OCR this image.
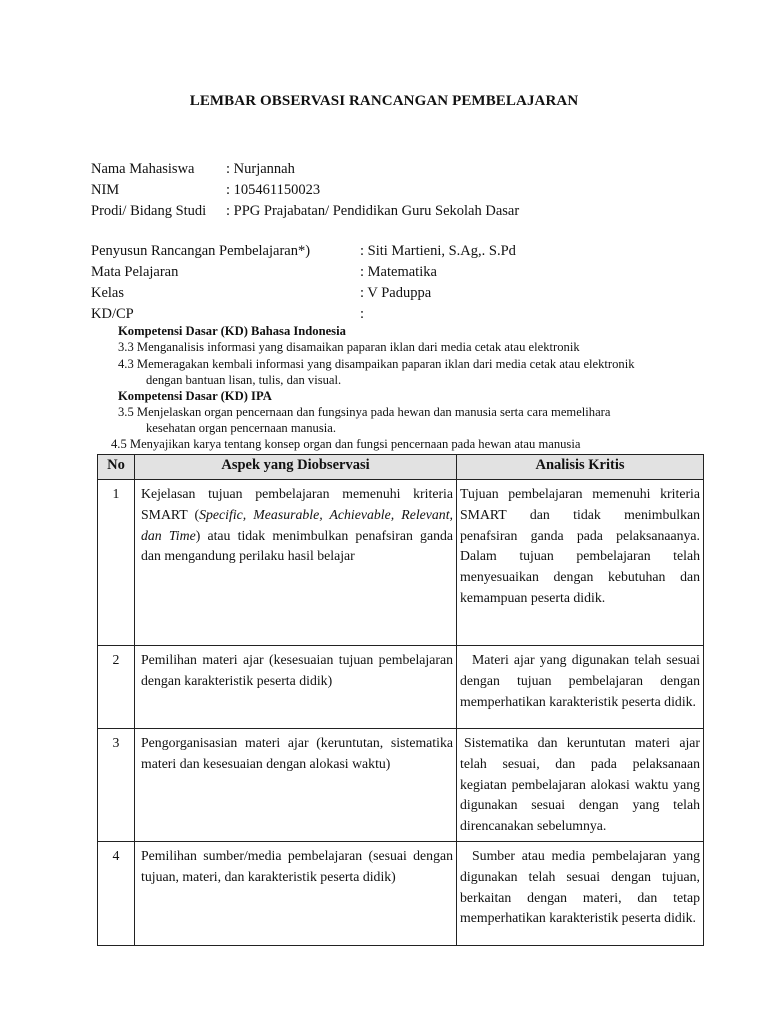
LEMBAR OBSERVASI RANCANGAN PEMBELAJARAN
Nama Mahasiswa : Nurjannah
NIM	: 105461150023
Prodi/ Bidang Studi : PPG Prajabatan/ Pendidikan Guru Sekolah Dasar
Penyusun Rancangan Pembelajaran*)	: Siti Martieni, S.Ag,. S.Pd
Mata Pelajaran	: Matematika
Kelas	: V Paduppa
KD/CP	:
Kompetensi Dasar (KD) Bahasa Indonesia
3.3 Menganalisis informasi yang disamaikan paparan iklan dari media cetak atau elektronik
4.3 Memeragakan kembali informasi yang disampaikan paparan iklan dari media cetak atau elektronik
dengan bantuan lisan, tulis, dan visual.
Kompetensi Dasar (KD) IPA
3.5 Menjelaskan organ pencernaan dan fungsinya pada hewan dan manusia serta cara memelihara
kesehatan organ pencernaan manusia.
4.5 Menyajikan karya tentang konsep organ dan fungsi pencernaan pada hewan atau manusia
No	Aspek yang Diobservasi	Analisis Kritis
1	Kejelasan tujuan pembelajaran memenuhi kriteria SMART (Specific, Measurable, Achievable, Relevant, dan Time) atau tidak menimbulkan penafsiran ganda dan mengandung perilaku hasil belajar	Tujuan pembelajaran memenuhi kriteria SMART dan tidak menimbulkan penafsiran ganda pada pelaksanaanya. Dalam tujuan pembelajaran telah menyesuaikan dengan kebutuhan dan kemampuan peserta didik.
2	Pemilihan materi ajar (kesesuaian tujuan pembelajaran dengan karakteristik peserta didik)	Materi ajar yang digunakan telah sesuai dengan tujuan pembelajaran dengan memperhatikan karakteristik peserta didik.
3	Pengorganisasian materi ajar (keruntutan, sistematika materi dan kesesuaian dengan alokasi waktu)	Sistematika dan keruntutan materi ajar telah sesuai, dan pada pelaksanaan kegiatan pembelajaran alokasi waktu yang digunakan sesuai dengan yang telah direncanakan sebelumnya.
4	Pemilihan sumber/media pembelajaran (sesuai dengan tujuan, materi, dan karakteristik peserta didik)	Sumber atau media pembelajaran yang digunakan telah sesuai dengan tujuan, berkaitan dengan materi, dan tetap memperhatikan karakteristik peserta didik.
